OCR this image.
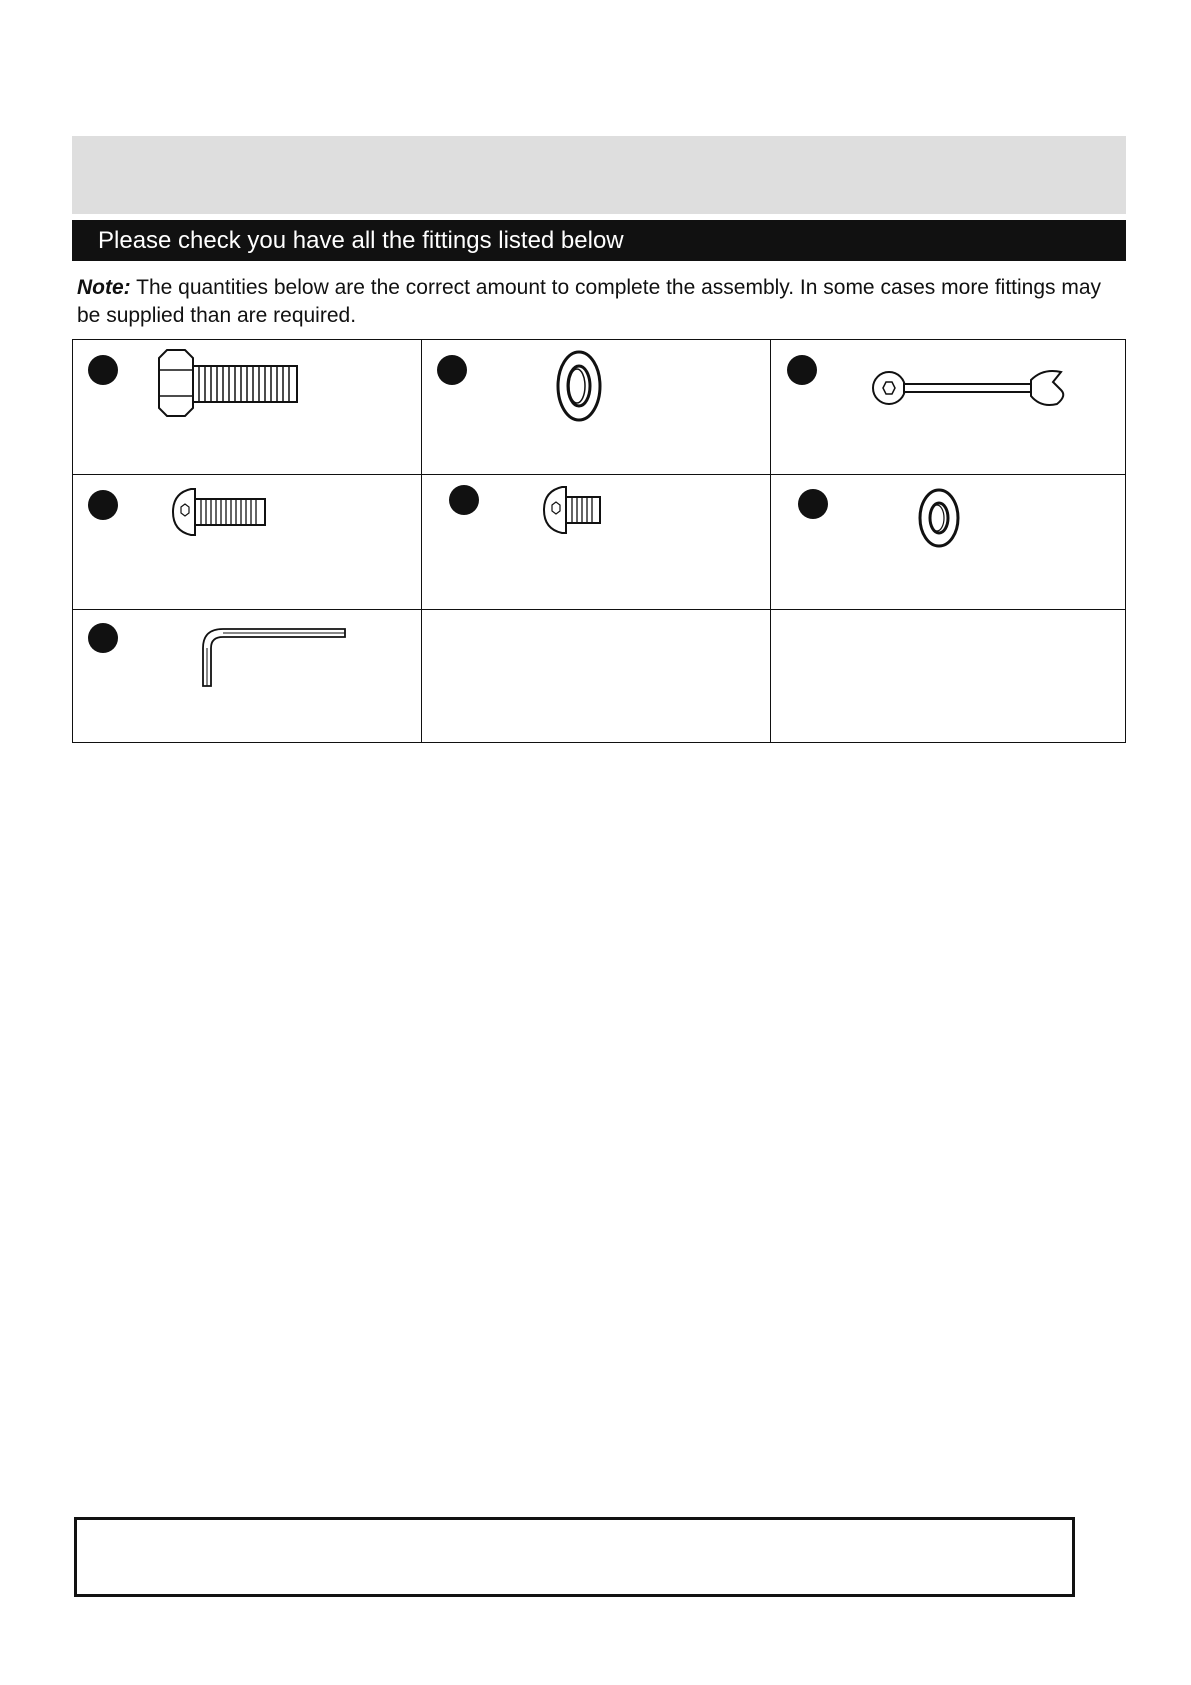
Please check you have all the fittings listed below
Note: The quantities below are the correct amount to complete the assembly. In some cases more fittings may be supplied than are required.
